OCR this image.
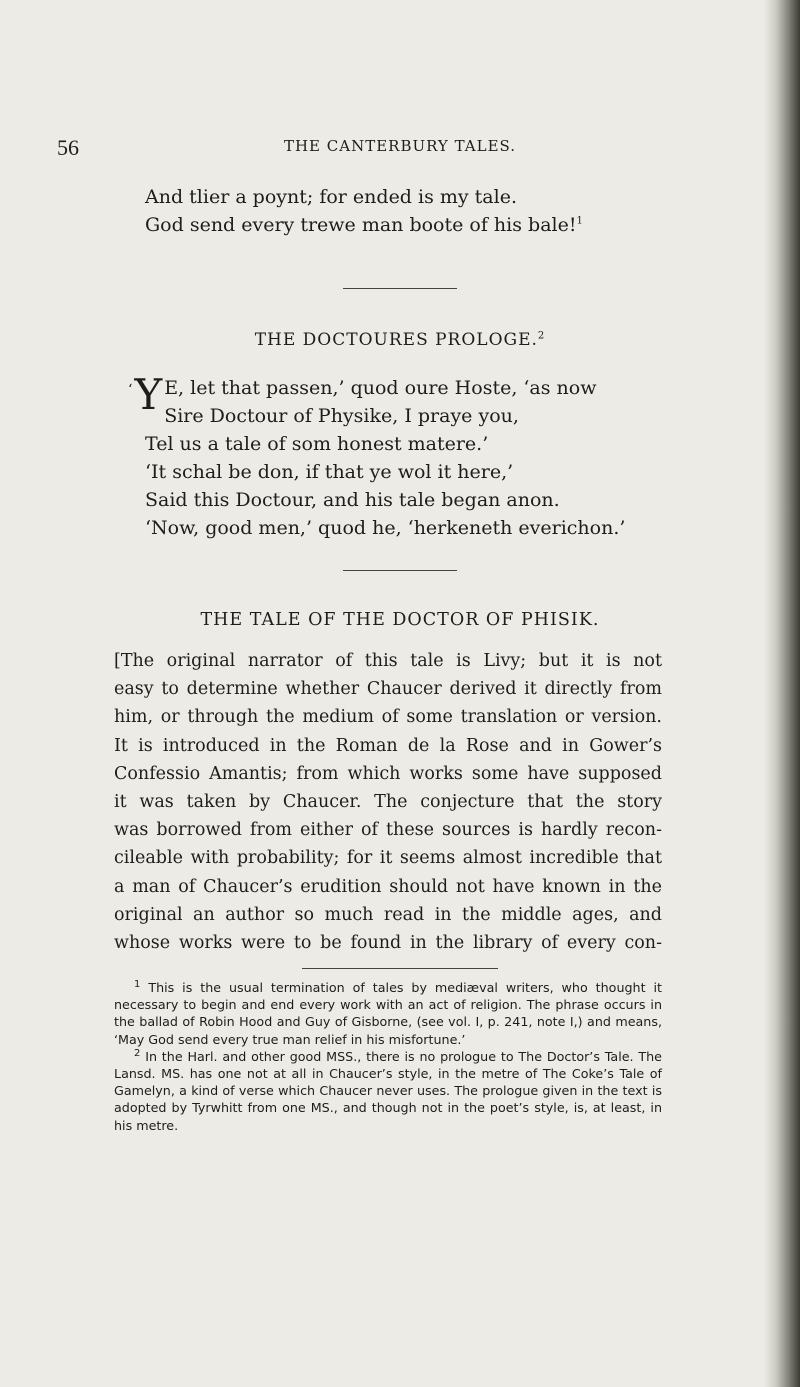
56	THE CANTERBURY TALES.
And tlier a poynt; for ended is my tale.
God send every trewe man boote of his bale!$^1$
THE DOCTOURES PROLOGE.$^2$
‘ Y E, let that passen,’ quod oure Hoste, ‘as now
Sire Doctour of Physike, I praye you,
Tel us a tale of som honest matere.’
‘It schal be don, if that ye wol it here,’
Said this Doctour, and his tale began anon.
‘Now, good men,’ quod he, ‘herkeneth everichon.’
THE TALE OF THE DOCTOR OF PHISIK.
[The original narrator of this tale is Livy; but it is not
easy to determine whether Chaucer derived it directly from
him, or through the medium of some translation or version.
It is introduced in the Roman de la Rose and in Gower’s
Confessio Amantis; from which works some have supposed
it was taken by Chaucer. The conjecture that the story
was borrowed from either of these sources is hardly recon-
cileable with probability; for it seems almost incredible that
a man of Chaucer’s erudition should not have known in the
original an author so much read in the middle ages, and
whose works were to be found in the library of every con-

$^1$ This is the usual termination of tales by mediæval writers, who thought it necessary to begin and end every work with an act of religion. The phrase occurs in the ballad of Robin Hood and Guy of Gisborne, (see vol. I, p. 241, note I,) and means, ‘May God send every true man relief in his misfortune.’

$^2$ In the Harl. and other good MSS., there is no prologue to The Doctor’s Tale. The Lansd. MS. has one not at all in Chaucer’s style, in the metre of The Coke’s Tale of Gamelyn, a kind of verse which Chaucer never uses. The prologue given in the text is adopted by Tyrwhitt from one MS., and though not in the poet’s style, is, at least, in his metre.
